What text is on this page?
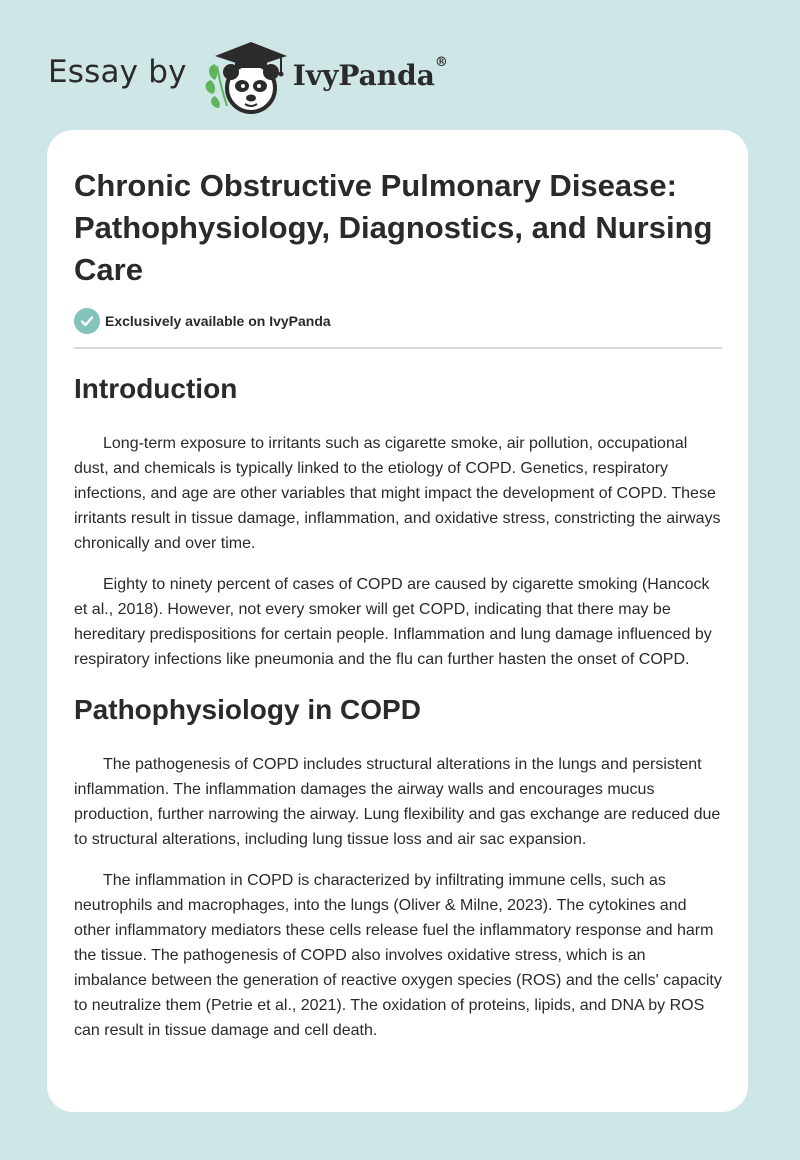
Essay by	IvyPanda®
Chronic Obstructive Pulmonary Disease: Pathophysiology, Diagnostics, and Nursing Care
Exclusively available on IvyPanda
Introduction

Long-term exposure to irritants such as cigarette smoke, air pollution, occupational dust, and chemicals is typically linked to the etiology of COPD. Genetics, respiratory infections, and age are other variables that might impact the development of COPD. These irritants result in tissue damage, inflammation, and oxidative stress, constricting the airways chronically and over time.

Eighty to ninety percent of cases of COPD are caused by cigarette smoking (Hancock et al., 2018). However, not every smoker will get COPD, indicating that there may be hereditary predispositions for certain people. Inflammation and lung damage influenced by respiratory infections like pneumonia and the flu can further hasten the onset of COPD.

Pathophysiology in COPD

The pathogenesis of COPD includes structural alterations in the lungs and persistent inflammation. The inflammation damages the airway walls and encourages mucus production, further narrowing the airway. Lung flexibility and gas exchange are reduced due to structural alterations, including lung tissue loss and air sac expansion.

The inflammation in COPD is characterized by infiltrating immune cells, such as neutrophils and macrophages, into the lungs (Oliver & Milne, 2023). The cytokines and other inflammatory mediators these cells release fuel the inflammatory response and harm the tissue. The pathogenesis of COPD also involves oxidative stress, which is an imbalance between the generation of reactive oxygen species (ROS) and the cells' capacity to neutralize them (Petrie et al., 2021). The oxidation of proteins, lipids, and DNA by ROS can result in tissue damage and cell death.
